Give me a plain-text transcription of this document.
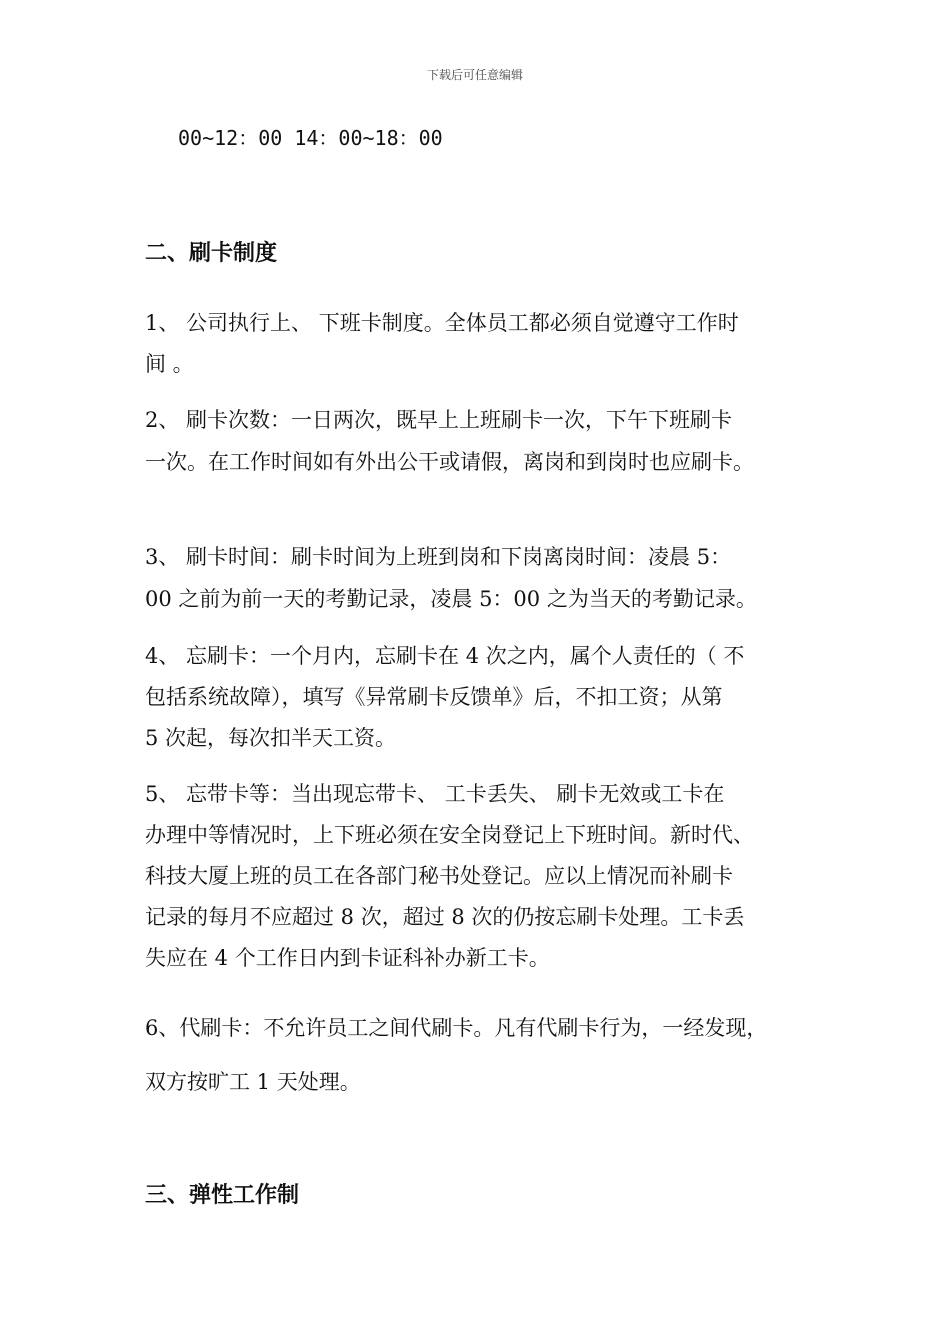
下载后可任意编辑
00~12：00 14：00~18：00
二、刷卡制度
1、 公司执行上、 下班卡制度。全体员工都必须自觉遵守工作时
间 。
2、 刷卡次数：一日两次，既早上上班刷卡一次，下午下班刷卡
一次。在工作时间如有外出公干或请假，离岗和到岗时也应刷卡。
3、 刷卡时间：刷卡时间为上班到岗和下岗离岗时间：凌晨 5：
00 之前为前一天的考勤记录，凌晨 5：00 之为当天的考勤记录。
4、 忘刷卡：一个月内，忘刷卡在 4 次之内，属个人责任的（ 不
包括系统故障），填写《异常刷卡反馈单》后，不扣工资；从第
5 次起，每次扣半天工资。
5、 忘带卡等：当出现忘带卡、 工卡丢失、 刷卡无效或工卡在
办理中等情况时，上下班必须在安全岗登记上下班时间。新时代、
科技大厦上班的员工在各部门秘书处登记。应以上情况而补刷卡
记录的每月不应超过 8 次，超过 8 次的仍按忘刷卡处理。工卡丢
失应在 4 个工作日内到卡证科补办新工卡。
6、代刷卡：不允许员工之间代刷卡。凡有代刷卡行为，一经发现，
双方按旷工 1 天处理。
三、弹性工作制
